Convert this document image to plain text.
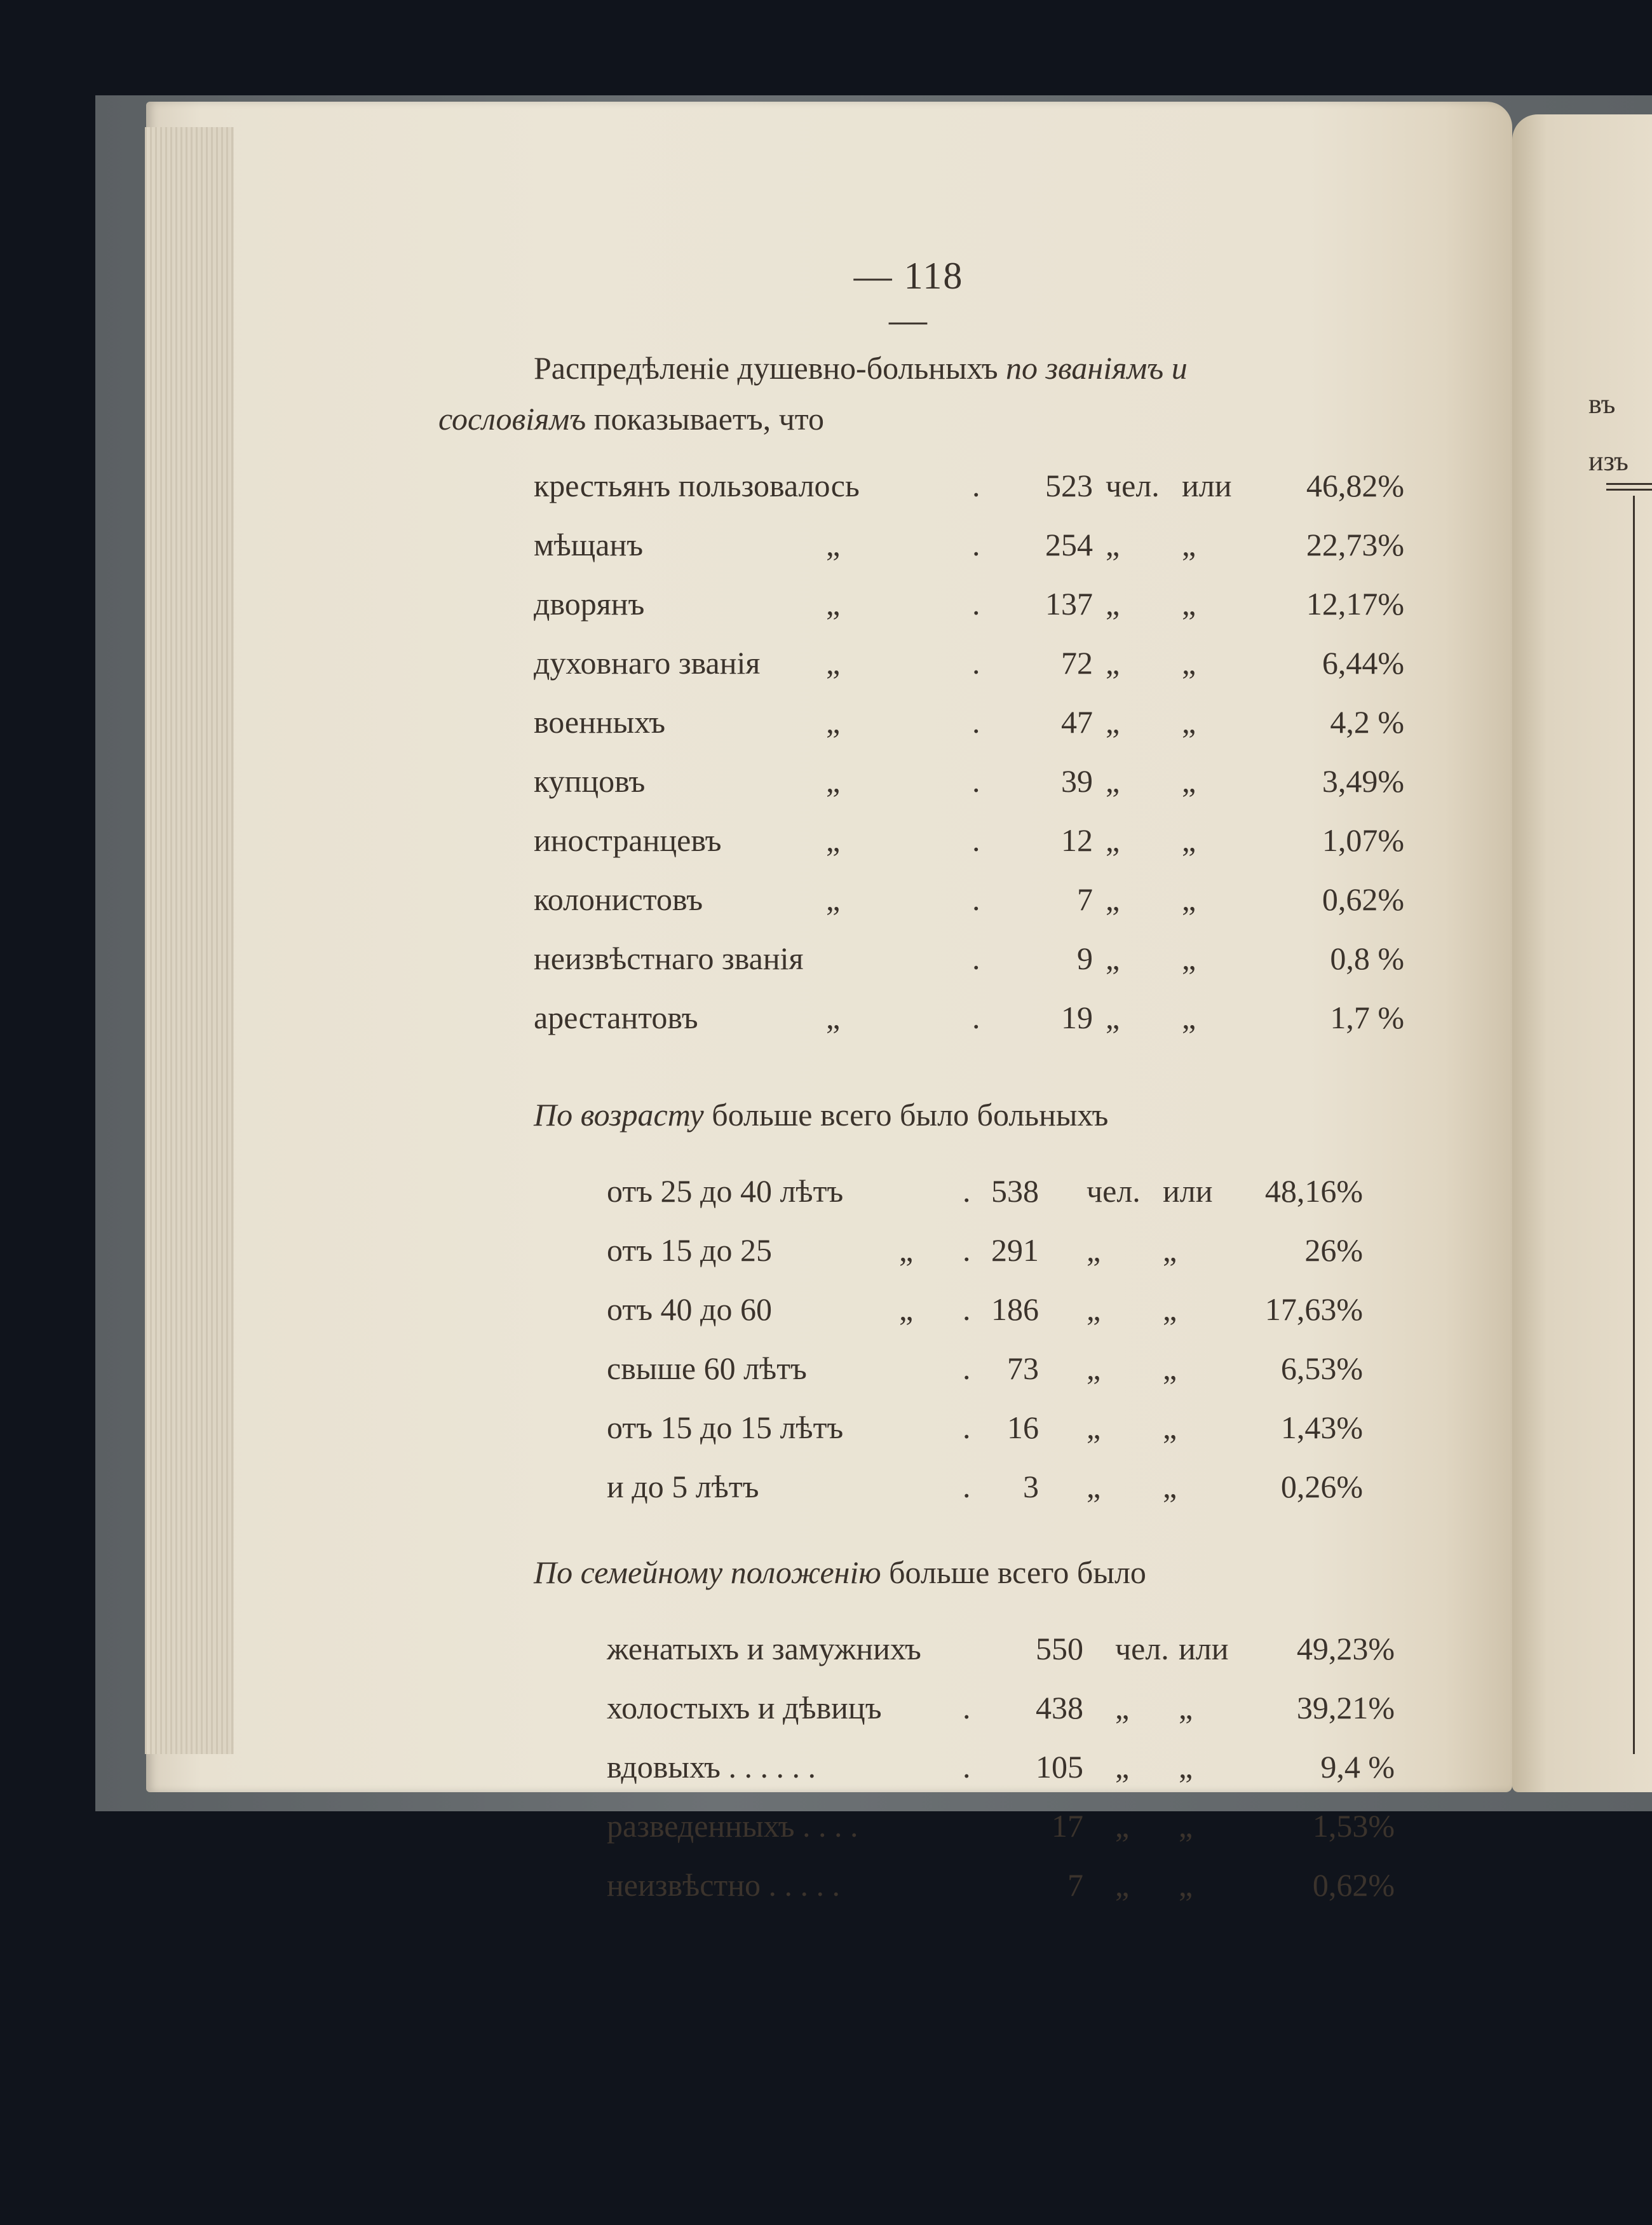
въ
изъ
— 118 —
Распредѣленіе душевно-больныхъ по званіямъ и
сословіямъ показываетъ, что
крестьянъ пользовалось	.	523 чел. или	46,82%
мѣщанъ	„	.	254 „ „	22,73%
дворянъ	„	.	137 „ „	12,17%
духовнаго званія „	.	72 „ „	6,44%
военныхъ	„	.	47 „ „	4,2 %
купцовъ	„	.	39 „ „	3,49%
иностранцевъ	„	.	12 „ „	1,07%
колонистовъ	„	.	7 „ „	0,62%
неизвѣстнаго званія	.	9 „ „	0,8 %
арестантовъ	„	.	19 „ „	1,7 %
По возрасту больше всего было больныхъ
отъ 25 до 40 лѣтъ	. 538 чел. или	48,16%
отъ 15 до 25	„ . 291 „ „	26%
отъ 40 до 60	„ . 186 „ „	17,63%
свыше 60 лѣтъ	.	73 „ „	6,53%
отъ 15 до 15 лѣтъ	.	16 „ „	1,43%
и до 5 лѣтъ	.	3 „ „	0,26%
По семейному положенію больше всего было
женатыхъ и замужнихъ	550 чел. или	49,23%
холостыхъ и дѣвицъ	.	438 „ „	39,21%
вдовыхъ . . . . . .	.	105 „ „	9,4 %
разведенныхъ . . . .	17 „ „	1,53%
неизвѣстно . . . . .	7 „ „	0,62%
